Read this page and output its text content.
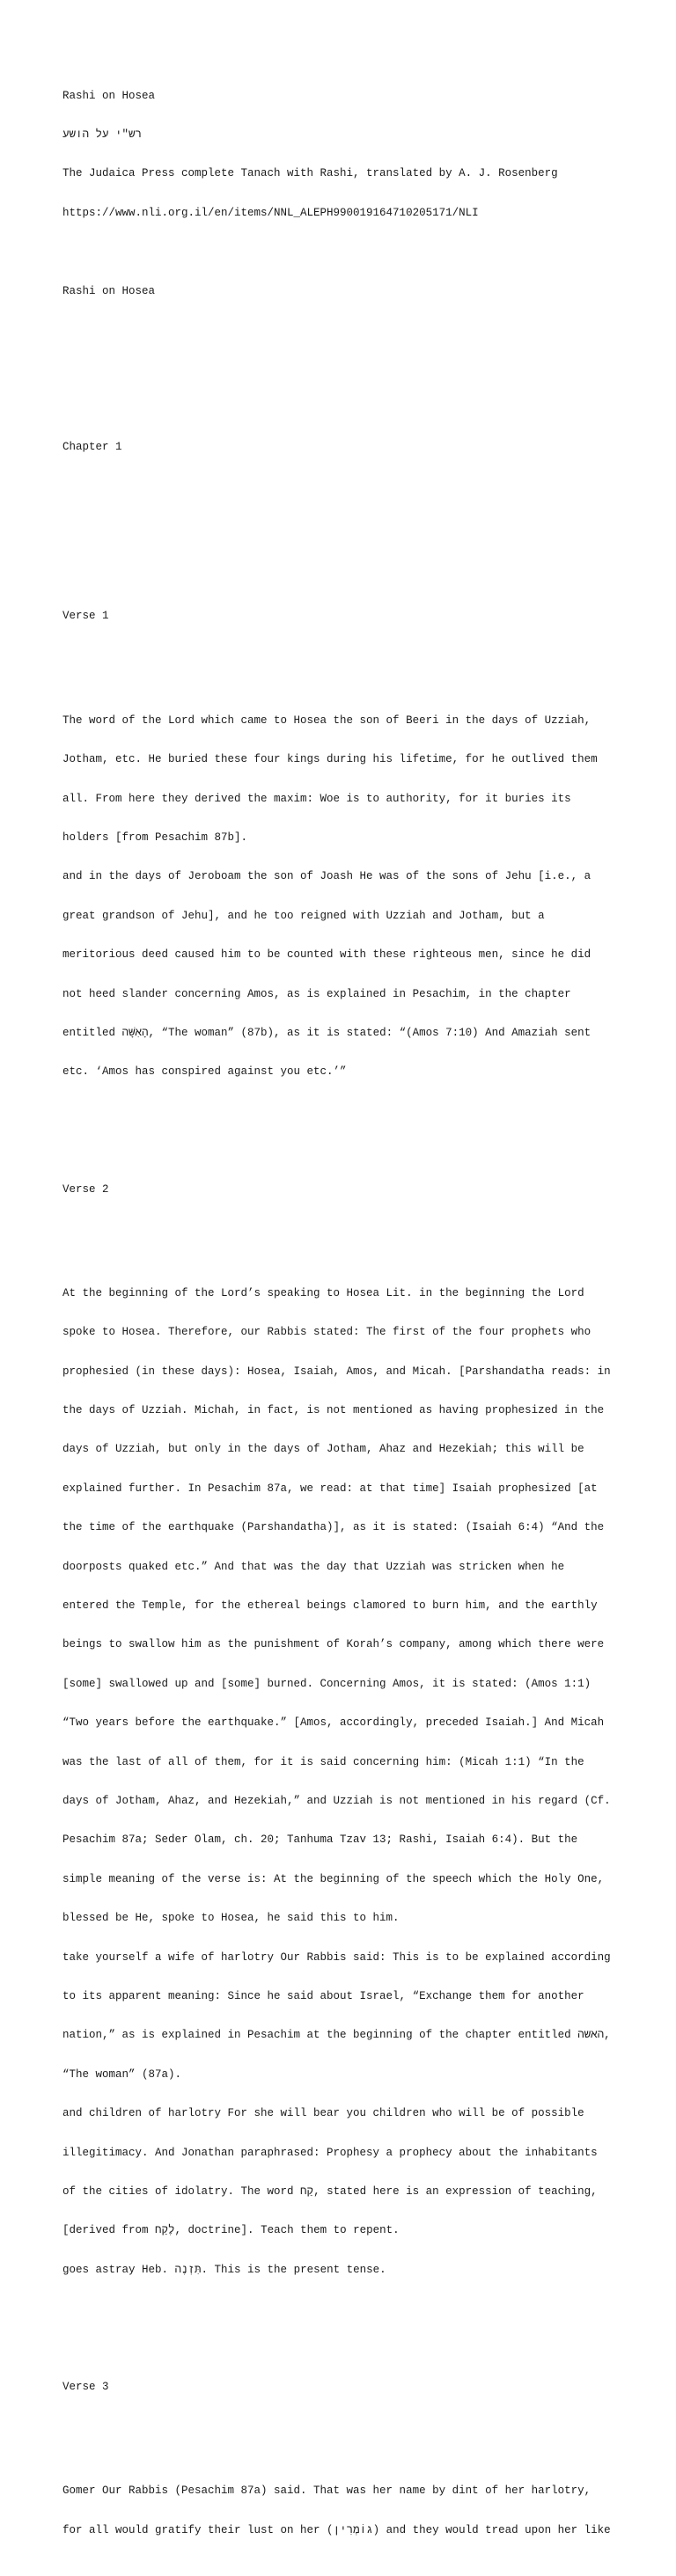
Rashi on Hosea

רש"י על הושע

The Judaica Press complete Tanach with Rashi, translated by A. J. Rosenberg

https://www.nli.org.il/en/items/NNL_ALEPH990019164710205171/NLI

Rashi on Hosea

Chapter 1

Verse 1

The word of the Lord which came to Hosea the son of Beeri in the days of Uzziah,

Jotham, etc. He buried these four kings during his lifetime, for he outlived them

all. From here they derived the maxim: Woe is to authority, for it buries its

holders [from Pesachim 87b].

and in the days of Jeroboam the son of Joash He was of the sons of Jehu [i.e., a

great grandson of Jehu], and he too reigned with Uzziah and Jotham, but a

meritorious deed caused him to be counted with these righteous men, since he did

not heed slander concerning Amos, as is explained in Pesachim, in the chapter

entitled הָאִשָּׁה, “The woman” (87b), as it is stated: “(Amos 7:10) And Amaziah sent

etc. ‘Amos has conspired against you etc.’”

Verse 2

At the beginning of the Lord’s speaking to Hosea Lit. in the beginning the Lord

spoke to Hosea. Therefore, our Rabbis stated: The first of the four prophets who

prophesied (in these days): Hosea, Isaiah, Amos, and Micah. [Parshandatha reads: in

the days of Uzziah. Michah, in fact, is not mentioned as having prophesized in the

days of Uzziah, but only in the days of Jotham, Ahaz and Hezekiah; this will be

explained further. In Pesachim 87a, we read: at that time] Isaiah prophesized [at

the time of the earthquake (Parshandatha)], as it is stated: (Isaiah 6:4) “And the

doorposts quaked etc.” And that was the day that Uzziah was stricken when he

entered the Temple, for the ethereal beings clamored to burn him, and the earthly

beings to swallow him as the punishment of Korah’s company, among which there were

[some] swallowed up and [some] burned. Concerning Amos, it is stated: (Amos 1:1)

“Two years before the earthquake.” [Amos, accordingly, preceded Isaiah.] And Micah

was the last of all of them, for it is said concerning him: (Micah 1:1) “In the

days of Jotham, Ahaz, and Hezekiah,” and Uzziah is not mentioned in his regard (Cf.

Pesachim 87a; Seder Olam, ch. 20; Tanhuma Tzav 13; Rashi, Isaiah 6:4). But the

simple meaning of the verse is: At the beginning of the speech which the Holy One,

blessed be He, spoke to Hosea, he said this to him.

take yourself a wife of harlotry Our Rabbis said: This is to be explained according

to its apparent meaning: Since he said about Israel, “Exchange them for another

nation,” as is explained in Pesachim at the beginning of the chapter entitled האשה,

“The woman” (87a).

and children of harlotry For she will bear you children who will be of possible

illegitimacy. And Jonathan paraphrased: Prophesy a prophecy about the inhabitants

of the cities of idolatry. The word קַח, stated here is an expression of teaching,

[derived from לֶקַח, doctrine]. Teach them to repent.

goes astray Heb. תִּזְנֶה. This is the present tense.

Verse 3

Gomer Our Rabbis (Pesachim 87a) said. That was her name by dint of her harlotry,

for all would gratify their lust on her (גוֹמְרִין) and they would tread upon her like
